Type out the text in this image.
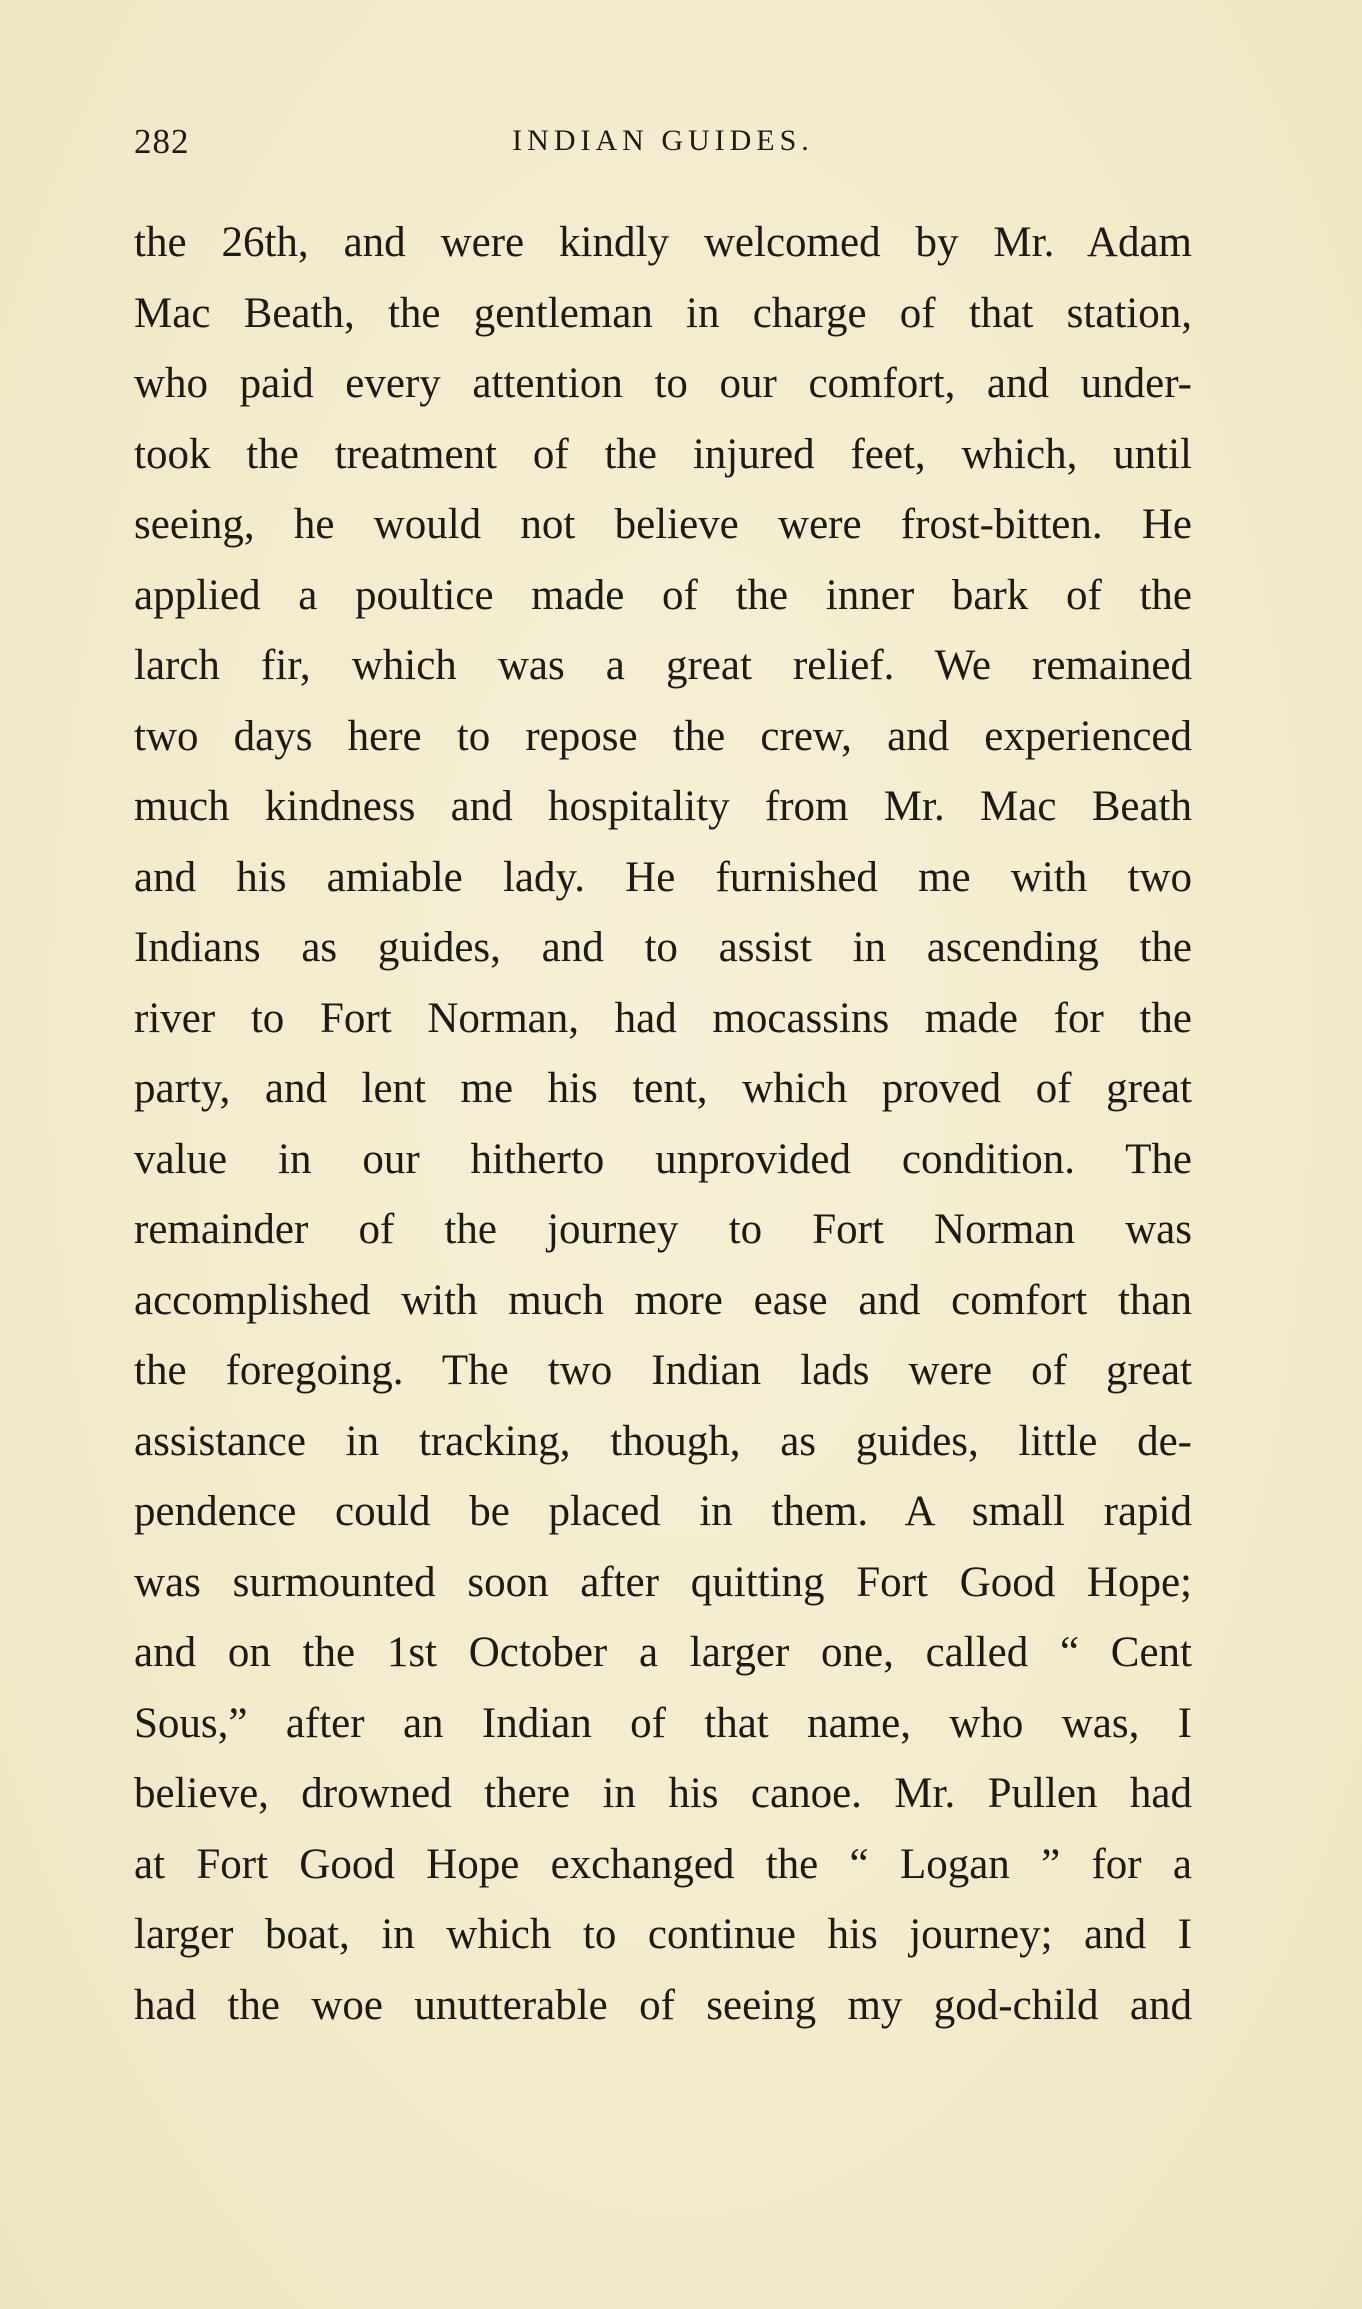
282	INDIAN GUIDES.
the 26th, and were kindly welcomed by Mr. Adam
Mac Beath, the gentleman in charge of that station,
who paid every attention to our comfort, and under-
took the treatment of the injured feet, which, until
seeing, he would not believe were frost-bitten. He
applied a poultice made of the inner bark of the
larch fir, which was a great relief. We remained
two days here to repose the crew, and experienced
much kindness and hospitality from Mr. Mac Beath
and his amiable lady. He furnished me with two
Indians as guides, and to assist in ascending the
river to Fort Norman, had mocassins made for the
party, and lent me his tent, which proved of great
value in our hitherto unprovided condition. The
remainder of the journey to Fort Norman was
accomplished with much more ease and comfort than
the foregoing. The two Indian lads were of great
assistance in tracking, though, as guides, little de-
pendence could be placed in them. A small rapid
was surmounted soon after quitting Fort Good Hope;
and on the 1st October a larger one, called “ Cent
Sous,” after an Indian of that name, who was, I
believe, drowned there in his canoe. Mr. Pullen had
at Fort Good Hope exchanged the “ Logan ” for a
larger boat, in which to continue his journey; and I
had the woe unutterable of seeing my god-child and
